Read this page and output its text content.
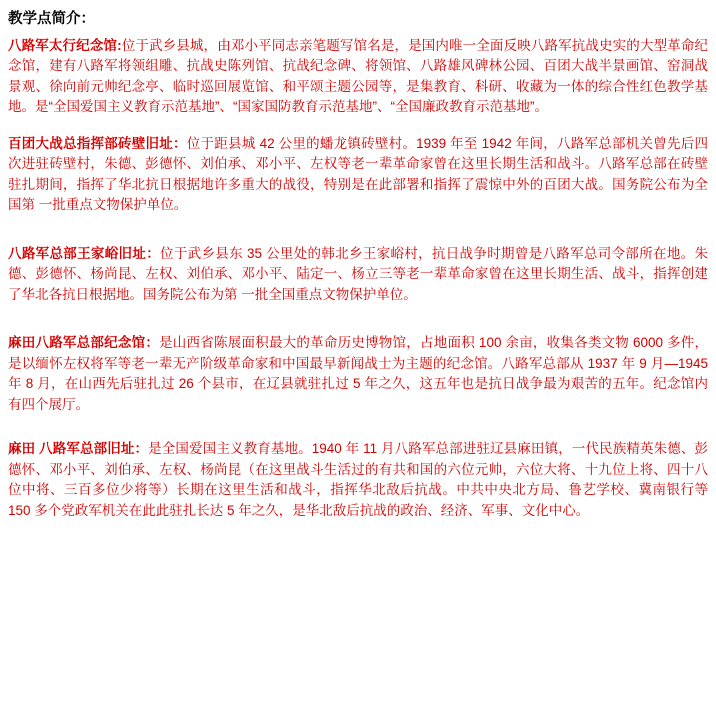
教学点简介：

八路军太行纪念馆:位于武乡县城，由邓小平同志亲笔题写馆名是，是国内唯一全面反映八路军抗战史实的大型革命纪念馆，建有八路军将领组雕、抗战史陈列馆、抗战纪念碑、将领馆、八路雄风碑林公园、百团大战半景画馆、窑洞战景观、徐向前元帅纪念亭、临时巡回展览馆、和平颂主题公园等，是集教育、科研、收藏为一体的综合性红色教学基地。是“全国爱国主义教育示范基地”、“国家国防教育示范基地”、“全国廉政教育示范基地”。

百团大战总指挥部砖壁旧址：位于距县城 42 公里的蟠龙镇砖壁村。1939 年至 1942 年间，八路军总部机关曾先后四次进驻砖壁村，朱德、彭德怀、刘伯承、邓小平、左权等老一辈革命家曾在这里长期生活和战斗。八路军总部在砖壁驻扎期间，指挥了华北抗日根据地许多重大的战役，特别是在此部署和指挥了震惊中外的百团大战。国务院公布为全国第 一批重点文物保护单位。

八路军总部王家峪旧址：位于武乡县东 35 公里处的韩北乡王家峪村，抗日战争时期曾是八路军总司令部所在地。朱德、彭德怀、杨尚昆、左权、刘伯承、邓小平、陆定一、杨立三等老一辈革命家曾在这里长期生活、战斗，指挥创建了华北各抗日根据地。国务院公布为第 一批全国重点文物保护单位。

麻田八路军总部纪念馆：是山西省陈展面积最大的革命历史博物馆，占地面积 100 余亩，收集各类文物 6000 多件，是以缅怀左权将军等老一辈无产阶级革命家和中国最早新闻战士为主题的纪念馆。八路军总部从 1937 年 9 月—1945 年 8 月，在山西先后驻扎过 26 个县市，在辽县就驻扎过 5 年之久，这五年也是抗日战争最为艰苦的五年。纪念馆内有四个展厅。

麻田 八路军总部旧址：是全国爱国主义教育基地。1940 年 11 月八路军总部进驻辽县麻田镇，一代民族精英朱德、彭德怀、邓小平、刘伯承、左权、杨尚昆（在这里战斗生活过的有共和国的六位元帅，六位大将、十九位上将、四十八位中将、三百多位少将等）长期在这里生活和战斗，指挥华北敌后抗战。中共中央北方局、鲁艺学校、冀南银行等 150 多个党政军机关在此此驻扎长达 5 年之久，是华北敌后抗战的政治、经济、军事、文化中心。
